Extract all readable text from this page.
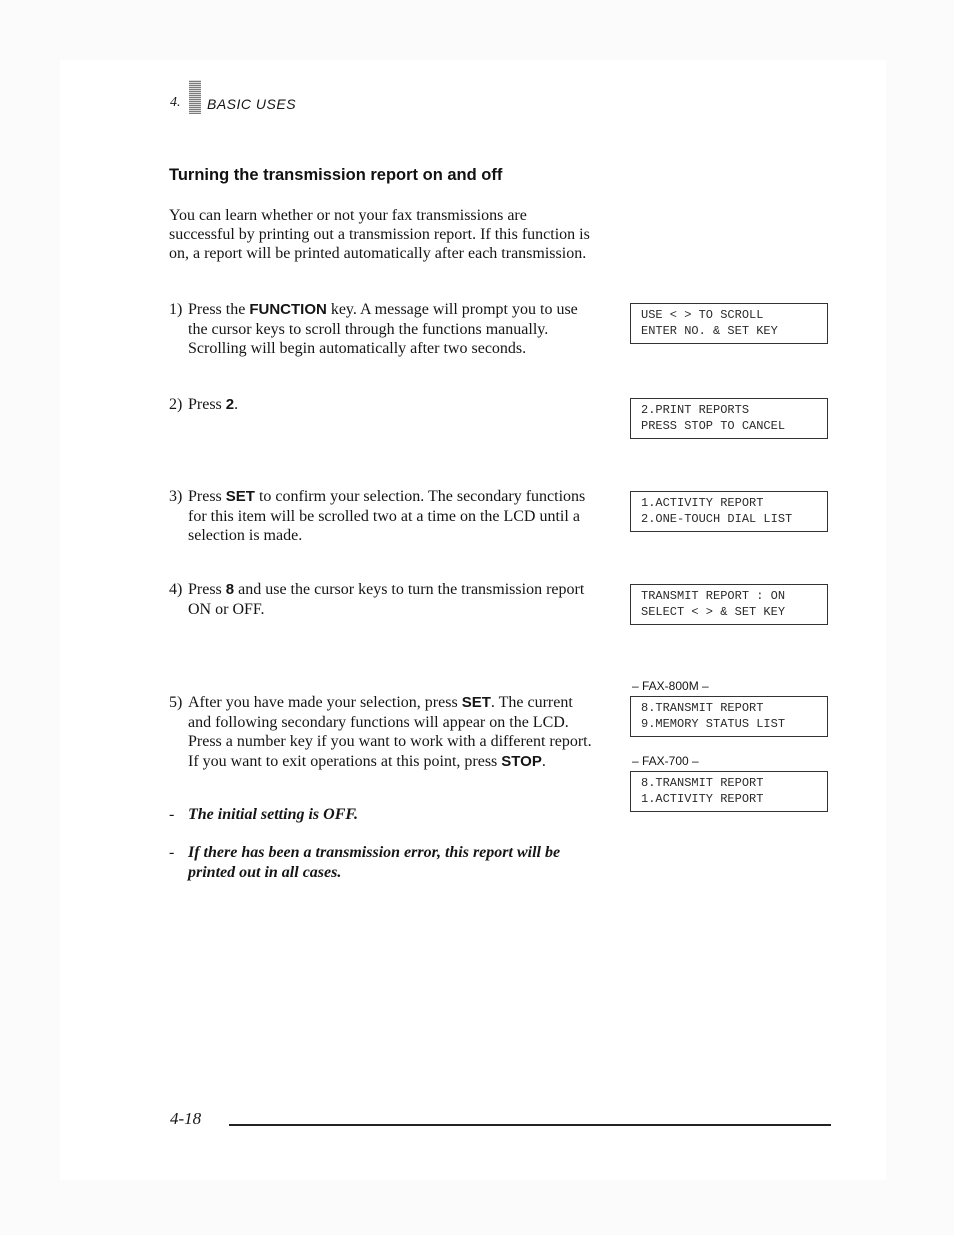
4. BASIC USES
Turning the transmission report on and off
You can learn whether or not your fax transmissions are successful by printing out a transmission report. If this function is on, a report will be printed automatically after each transmission.
1) Press the FUNCTION key. A message will prompt you to use the cursor keys to scroll through the functions manually. Scrolling will begin automatically after two seconds.
2) Press 2.
3) Press SET to confirm your selection. The secondary functions for this item will be scrolled two at a time on the LCD until a selection is made.
4) Press 8 and use the cursor keys to turn the transmission report ON or OFF.
5) After you have made your selection, press SET. The current and following secondary functions will appear on the LCD. Press a number key if you want to work with a different report. If you want to exit operations at this point, press STOP.
- The initial setting is OFF.
- If there has been a transmission error, this report will be printed out in all cases.
USE < > TO SCROLL
ENTER NO. & SET KEY
2.PRINT REPORTS
PRESS STOP TO CANCEL
1.ACTIVITY REPORT
2.ONE-TOUCH DIAL LIST
TRANSMIT REPORT : ON
SELECT < > & SET KEY
– FAX-800M –
8.TRANSMIT REPORT
9.MEMORY STATUS LIST
– FAX-700 –
8.TRANSMIT REPORT
1.ACTIVITY REPORT
4-18
